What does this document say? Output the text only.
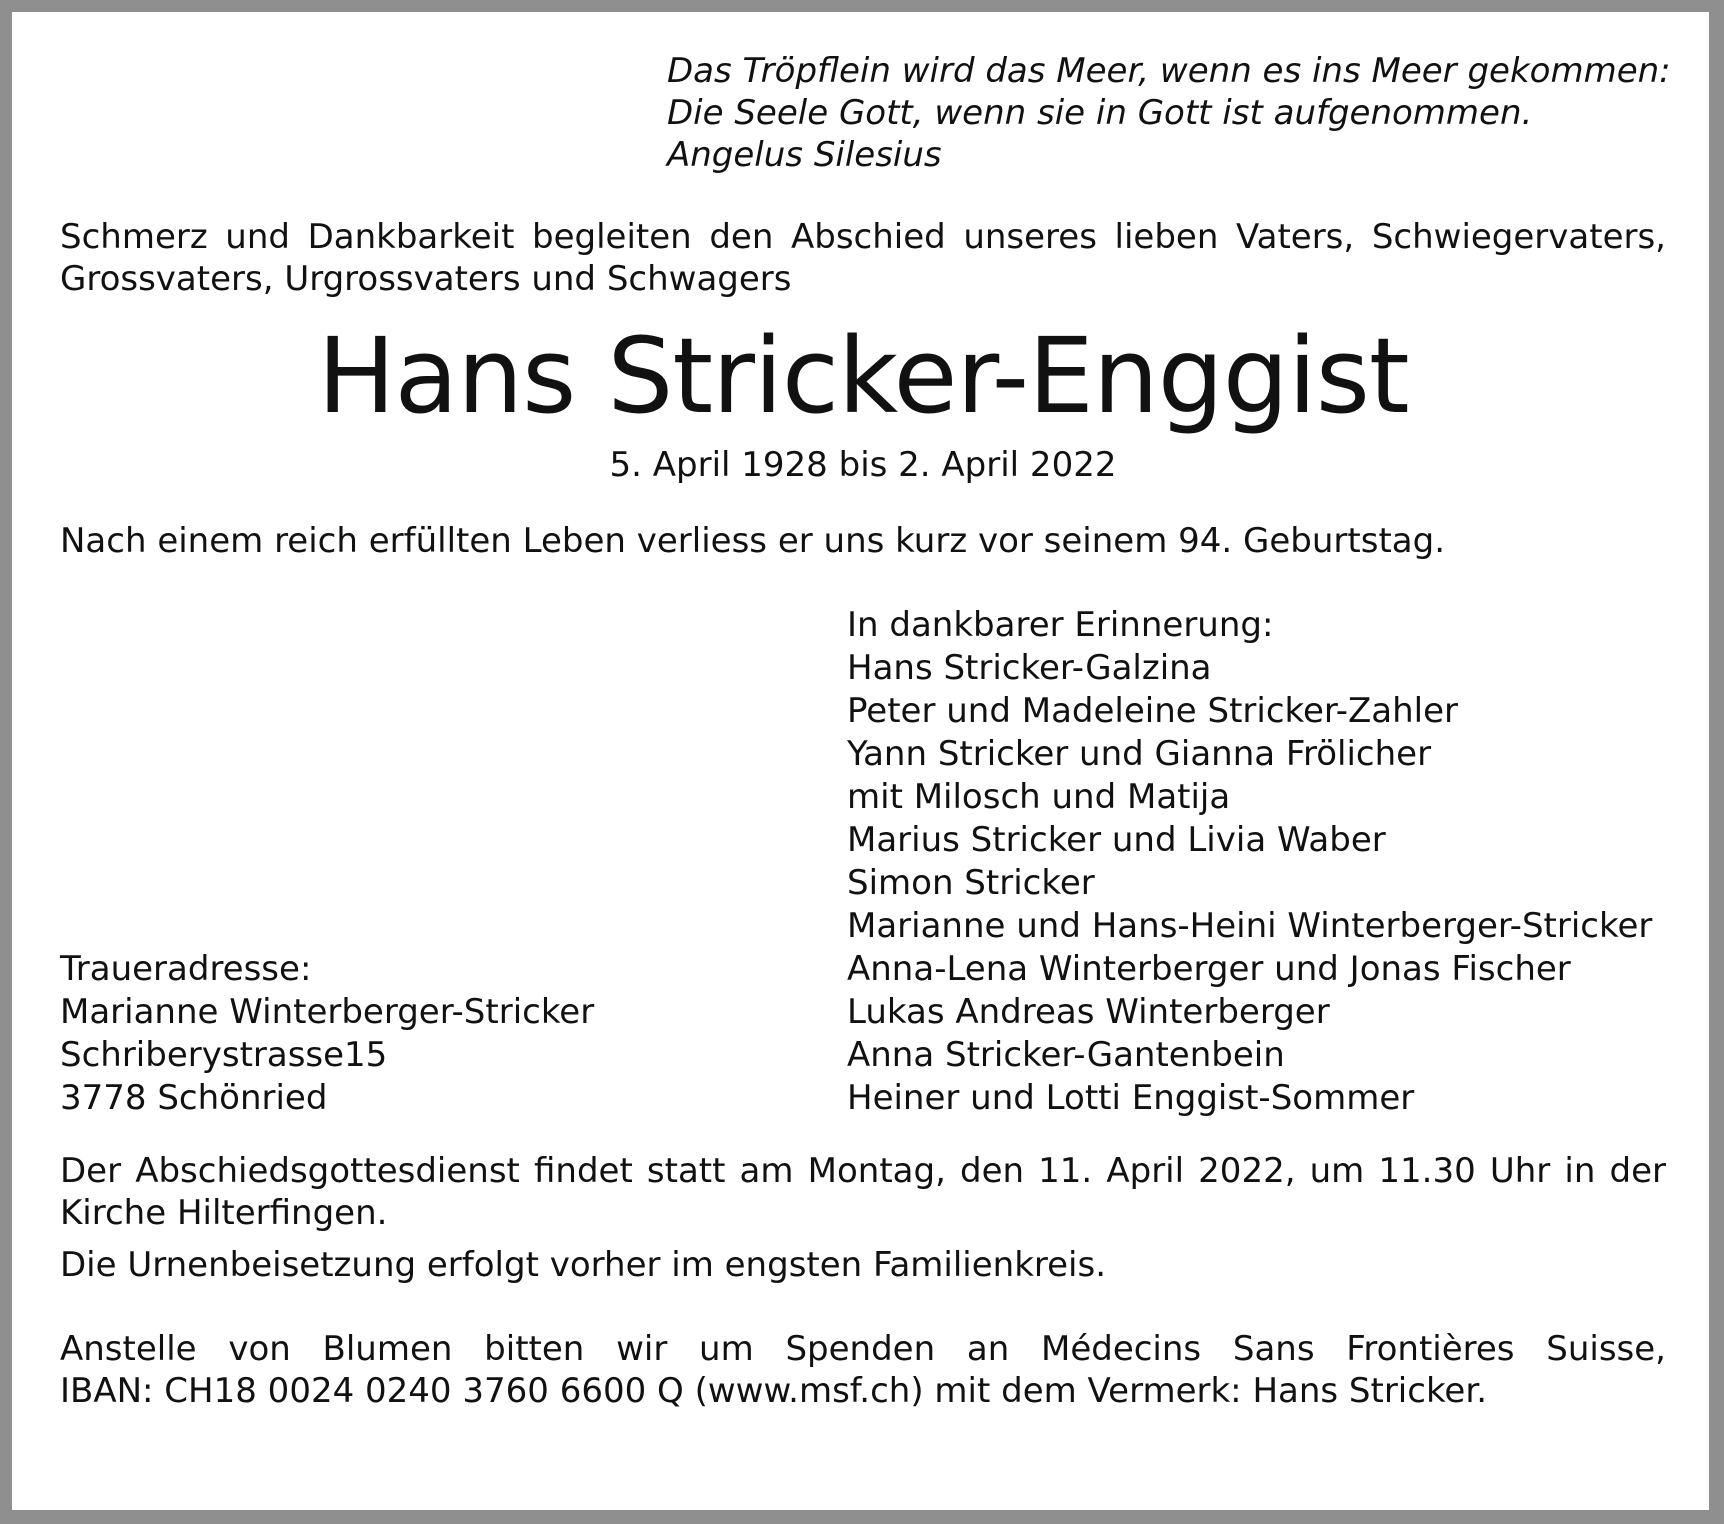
Das Tröpflein wird das Meer, wenn es ins Meer gekommen:
Die Seele Gott, wenn sie in Gott ist aufgenommen.
Angelus Silesius
Schmerz und Dankbarkeit begleiten den Abschied unseres lieben Vaters, Schwiegervaters,
Grossvaters, Urgrossvaters und Schwagers
Hans Stricker-Enggist
5. April 1928 bis 2. April 2022
Nach einem reich erfüllten Leben verliess er uns kurz vor seinem 94. Geburtstag.
In dankbarer Erinnerung:
Hans Stricker-Galzina
Peter und Madeleine Stricker-Zahler
Yann Stricker und Gianna Frölicher
mit Milosch und Matija
Marius Stricker und Livia Waber
Simon Stricker
Marianne und Hans-Heini Winterberger-Stricker
Anna-Lena Winterberger und Jonas Fischer
Lukas Andreas Winterberger
Anna Stricker-Gantenbein
Heiner und Lotti Enggist-Sommer
Traueradresse:
Marianne Winterberger-Stricker
Schriberystrasse15
3778 Schönried
Der Abschiedsgottesdienst findet statt am Montag, den 11. April 2022, um 11.30 Uhr in der
Kirche Hilterfingen.
Die Urnenbeisetzung erfolgt vorher im engsten Familienkreis.
Anstelle von Blumen bitten wir um Spenden an Médecins Sans Frontières Suisse,
IBAN: CH18 0024 0240 3760 6600 Q (www.msf.ch) mit dem Vermerk: Hans Stricker.
